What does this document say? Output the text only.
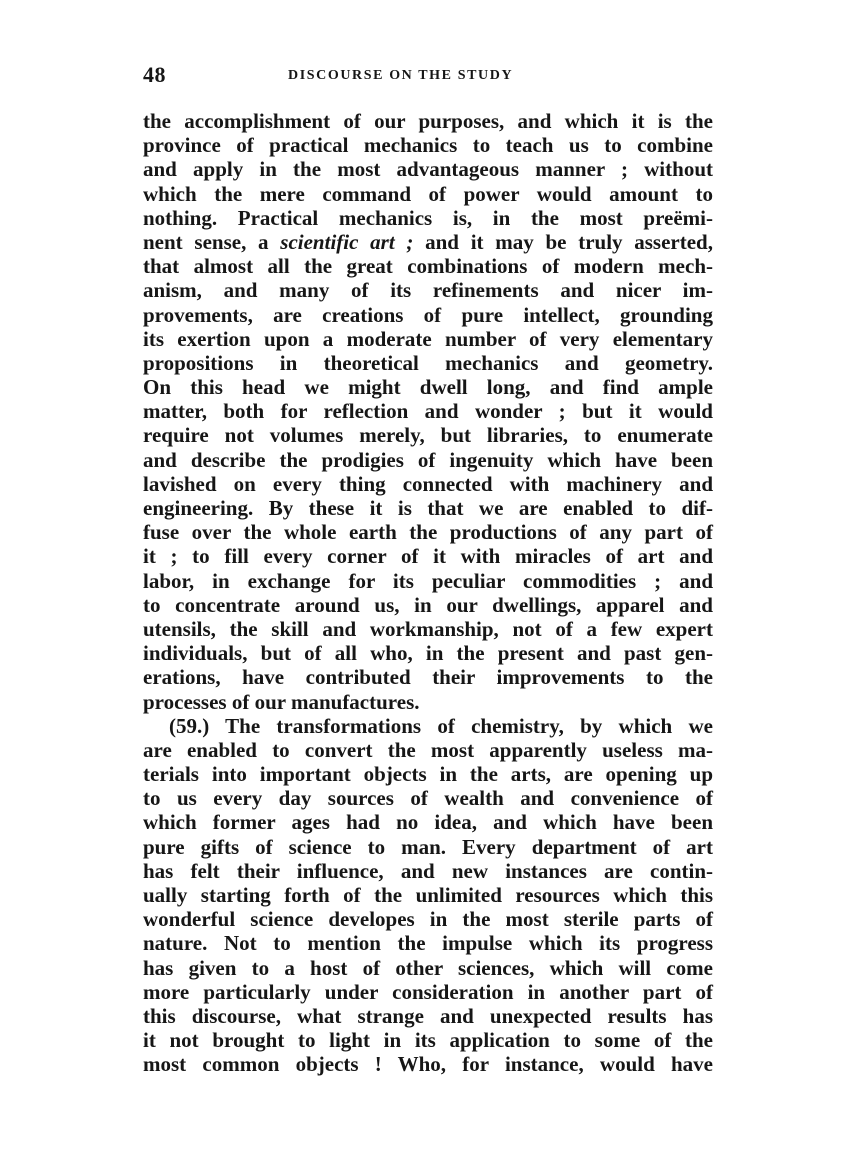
48	DISCOURSE ON THE STUDY
the accomplishment of our purposes, and which it is the
province of practical mechanics to teach us to combine
and apply in the most advantageous manner ; without
which the mere command of power would amount to
nothing. Practical mechanics is, in the most preëmi-
nent sense, a scientific art ; and it may be truly asserted,
that almost all the great combinations of modern mech-
anism, and many of its refinements and nicer im-
provements, are creations of pure intellect, grounding
its exertion upon a moderate number of very elementary
propositions in theoretical mechanics and geometry.
On this head we might dwell long, and find ample
matter, both for reflection and wonder ; but it would
require not volumes merely, but libraries, to enumerate
and describe the prodigies of ingenuity which have been
lavished on every thing connected with machinery and
engineering. By these it is that we are enabled to dif-
fuse over the whole earth the productions of any part of
it ; to fill every corner of it with miracles of art and
labor, in exchange for its peculiar commodities ; and
to concentrate around us, in our dwellings, apparel and
utensils, the skill and workmanship, not of a few expert
individuals, but of all who, in the present and past gen-
erations, have contributed their improvements to the
processes of our manufactures.
(59.) The transformations of chemistry, by which we
are enabled to convert the most apparently useless ma-
terials into important objects in the arts, are opening up
to us every day sources of wealth and convenience of
which former ages had no idea, and which have been
pure gifts of science to man. Every department of art
has felt their influence, and new instances are contin-
ually starting forth of the unlimited resources which this
wonderful science developes in the most sterile parts of
nature. Not to mention the impulse which its progress
has given to a host of other sciences, which will come
more particularly under consideration in another part of
this discourse, what strange and unexpected results has
it not brought to light in its application to some of the
most common objects ! Who, for instance, would have
